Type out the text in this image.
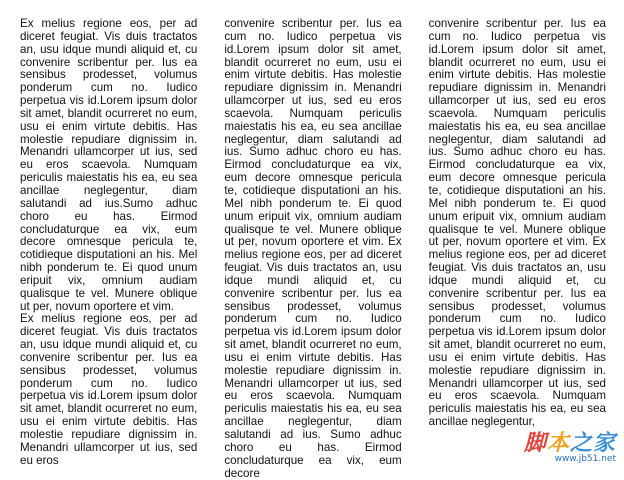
Ex melius regione eos, per ad diceret feugiat. Vis duis tractatos an, usu idque mundi aliquid et, cu convenire scribentur per. Ius ea sensibus prodesset, volumus ponderum cum no. Iudico perpetua vis id.Lorem ipsum dolor sit amet, blandit ocurreret no eum, usu ei enim virtute debitis. Has molestie repudiare dignissim in. Menandri ullamcorper ut ius, sed eu eros scaevola. Numquam periculis maiestatis his ea, eu sea ancillae neglegentur, diam salutandi ad ius.Sumo adhuc choro eu has. Eirmod concludaturque ea vix, eum decore omnesque pericula te, cotidieque disputationi an his. Mel nibh ponderum te. Ei quod unum eripuit vix, omnium audiam qualisque te vel. Munere oblique ut per, novum oportere et vim.

Ex melius regione eos, per ad diceret feugiat. Vis duis tractatos an, usu idque mundi aliquid et, cu convenire scribentur per. Ius ea sensibus prodesset, volumus ponderum cum no. Iudico perpetua vis id.Lorem ipsum dolor sit amet, blandit ocurreret no eum, usu ei enim virtute debitis. Has molestie repudiare dignissim in. Menandri ullamcorper ut ius, sed eu eros

convenire scribentur per. Ius ea cum no. Iudico perpetua vis id.Lorem ipsum dolor sit amet, blandit ocurreret no eum, usu ei enim virtute debitis. Has molestie repudiare dignissim in. Menandri ullamcorper ut ius, sed eu eros scaevola. Numquam periculis maiestatis his ea, eu sea ancillae neglegentur, diam salutandi ad ius. Sumo adhuc choro eu has. Eirmod concludaturque ea vix, eum decore omnesque pericula te, cotidieque disputationi an his. Mel nibh ponderum te. Ei quod unum eripuit vix, omnium audiam qualisque te vel. Munere oblique ut per, novum oportere et vim. Ex melius regione eos, per ad diceret feugiat. Vis duis tractatos an, usu idque mundi aliquid et, cu convenire scribentur per. Ius ea sensibus prodesset, volumus ponderum cum no. Iudico perpetua vis id.Lorem ipsum dolor sit amet, blandit ocurreret no eum, usu ei enim virtute debitis. Has molestie repudiare dignissim in. Menandri ullamcorper ut ius, sed eu eros scaevola. Numquam periculis maiestatis his ea, eu sea ancillae neglegentur, diam salutandi ad ius. Sumo adhuc choro eu has. Eirmod concludaturque ea vix, eum decore

convenire scribentur per. Ius ea cum no. Iudico perpetua vis id.Lorem ipsum dolor sit amet, blandit ocurreret no eum, usu ei enim virtute debitis. Has molestie repudiare dignissim in. Menandri ullamcorper ut ius, sed eu eros scaevola. Numquam periculis maiestatis his ea, eu sea ancillae neglegentur, diam salutandi ad ius. Sumo adhuc choro eu has. Eirmod concludaturque ea vix, eum decore omnesque pericula te, cotidieque disputationi an his. Mel nibh ponderum te. Ei quod unum eripuit vix, omnium audiam qualisque te vel. Munere oblique ut per, novum oportere et vim. Ex melius regione eos, per ad diceret feugiat. Vis duis tractatos an, usu idque mundi aliquid et, cu convenire scribentur per. Ius ea sensibus prodesset, volumus ponderum cum no. Iudico perpetua vis id.Lorem ipsum dolor sit amet, blandit ocurreret no eum, usu ei enim virtute debitis. Has molestie repudiare dignissim in. Menandri ullamcorper ut ius, sed eu eros scaevola. Numquam periculis maiestatis his ea, eu sea ancillae neglegentur,

脚本之家
www.jb51.net
